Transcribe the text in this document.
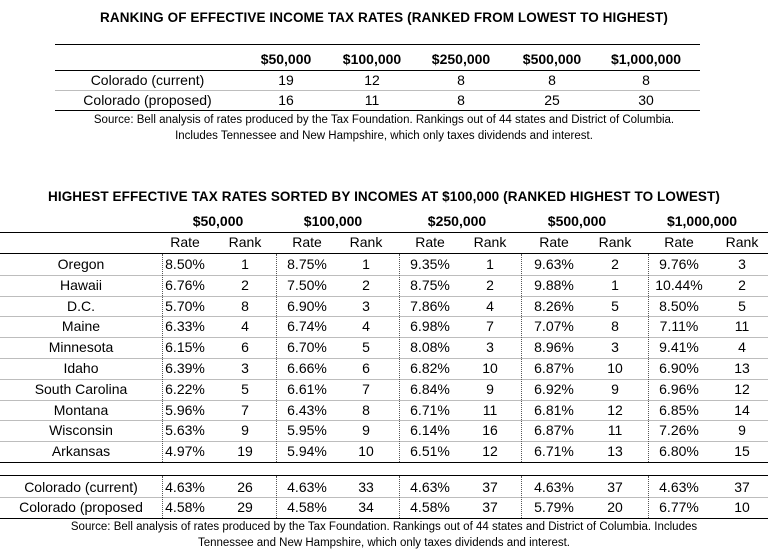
RANKING OF EFFECTIVE INCOME TAX RATES (RANKED FROM LOWEST TO HIGHEST)
$50,000	$100,000	$250,000	$500,000	$1,000,000
Colorado (current)	19	12	8	8	8
Colorado (proposed)	16	11	8	25	30
Source: Bell analysis of rates produced by the Tax Foundation. Rankings out of 44 states and District of Columbia.
Includes Tennessee and New Hampshire, which only taxes dividends and interest.
HIGHEST EFFECTIVE TAX RATES SORTED BY INCOMES AT $100,000 (RANKED HIGHEST TO LOWEST)
$50,000	$100,000	$250,000	$500,000	$1,000,000
Rate	Rank	Rate	Rank	Rate	Rank	Rate	Rank	Rate	Rank
Oregon	8.50%	1	8.75%	1	9.35%	1	9.63%	2	9.76%	3
Hawaii	6.76%	2	7.50%	2	8.75%	2	9.88%	1	10.44%	2
D.C.	5.70%	8	6.90%	3	7.86%	4	8.26%	5	8.50%	5
Maine	6.33%	4	6.74%	4	6.98%	7	7.07%	8	7.11%	11
Minnesota	6.15%	6	6.70%	5	8.08%	3	8.96%	3	9.41%	4
Idaho	6.39%	3	6.66%	6	6.82%	10	6.87%	10	6.90%	13
South Carolina	6.22%	5	6.61%	7	6.84%	9	6.92%	9	6.96%	12
Montana	5.96%	7	6.43%	8	6.71%	11	6.81%	12	6.85%	14
Wisconsin	5.63%	9	5.95%	9	6.14%	16	6.87%	11	7.26%	9
Arkansas	4.97%	19	5.94%	10	6.51%	12	6.71%	13	6.80%	15
Colorado (current)	4.63%	26	4.63%	33	4.63%	37	4.63%	37	4.63%	37
Colorado (proposed	4.58%	29	4.58%	34	4.58%	37	5.79%	20	6.77%	10
Source: Bell analysis of rates produced by the Tax Foundation. Rankings out of 44 states and District of Columbia. Includes
Tennessee and New Hampshire, which only taxes dividends and interest.
